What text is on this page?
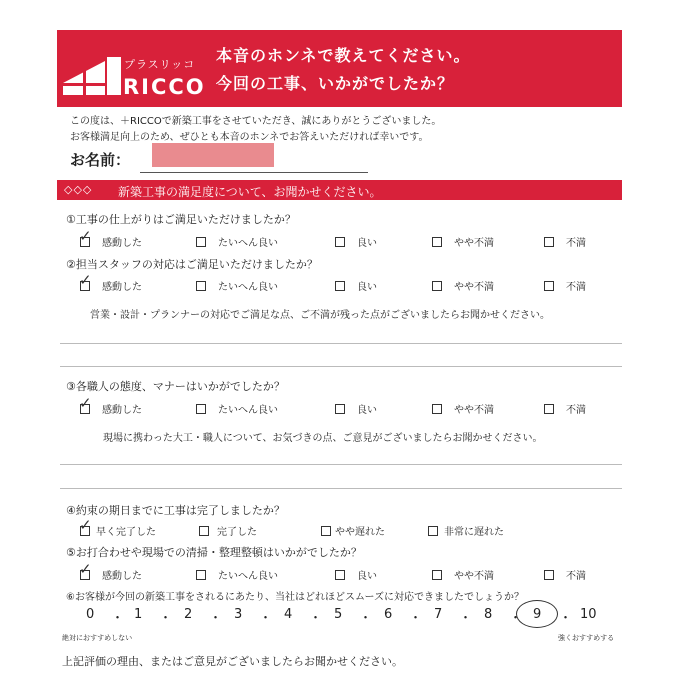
プラスリッコ
RICCO
本音のホンネで教えてください。
今回の工事、いかがでしたか？
この度は、＋RICCOで新築工事をさせていただき、誠にありがとうございました。
お客様満足向上のため、ぜひとも本音のホンネでお答えいただければ幸いです。
お名前：
◇◇◇ 新築工事の満足度について、お聞かせください。
①工事の仕上がりはご満足いただけましたか？
✓ 感動した	たいへん良い	良い	やや不満	不満
②担当スタッフの対応はご満足いただけましたか？
✓ 感動した	たいへん良い	良い	やや不満	不満
営業・設計・プランナーの対応でご満足な点、ご不満が残った点がございましたらお聞かせください。
③各職人の態度、マナーはいかがでしたか？
✓ 感動した	たいへん良い	良い	やや不満	不満
現場に携わった大工・職人について、お気づきの点、ご意見がございましたらお聞かせください。
④約束の期日までに工事は完了しましたか？
✓ 早く完了した	完了した	やや遅れた	非常に遅れた
⑤お打合わせや現場での清掃・整理整頓はいかがでしたか？
✓ 感動した	たいへん良い	良い	やや不満	不満
⑥お客様が今回の新築工事をされるにあたり、当社はどれほどスムーズに対応できましたでしょうか？
0 ・ 1 ・ 2 ・ 3 ・ 4 ・ 5 ・ 6 ・ 7 ・ 8 ・ 9 ・ 10
絶対におすすめしない	強くおすすめする
上記評価の理由、またはご意見がございましたらお聞かせください。
